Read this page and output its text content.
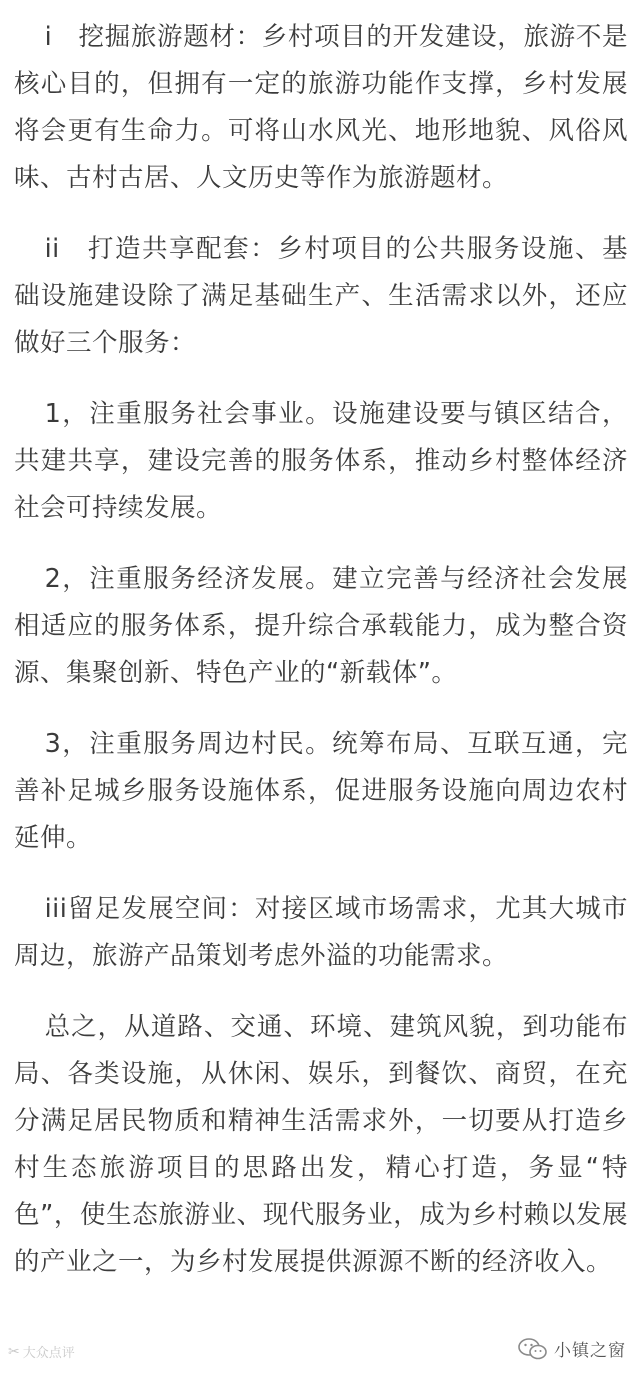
i　挖掘旅游题材：乡村项目的开发建设，旅游不是核心目的，但拥有一定的旅游功能作支撑，乡村发展将会更有生命力。可将山水风光、地形地貌、风俗风味、古村古居、人文历史等作为旅游题材。

ii　打造共享配套：乡村项目的公共服务设施、基础设施建设除了满足基础生产、生活需求以外，还应做好三个服务：

1，注重服务社会事业。设施建设要与镇区结合，共建共享，建设完善的服务体系，推动乡村整体经济社会可持续发展。

2，注重服务经济发展。建立完善与经济社会发展相适应的服务体系，提升综合承载能力，成为整合资源、集聚创新、特色产业的“新载体”。

3，注重服务周边村民。统筹布局、互联互通，完善补足城乡服务设施体系，促进服务设施向周边农村延伸。

iii留足发展空间：对接区域市场需求，尤其大城市周边，旅游产品策划考虑外溢的功能需求。

总之，从道路、交通、环境、建筑风貌，到功能布局、各类设施，从休闲、娱乐，到餐饮、商贸，在充分满足居民物质和精神生活需求外，一切要从打造乡村生态旅游项目的思路出发，精心打造，务显“特色”，使生态旅游业、现代服务业，成为乡村赖以发展的产业之一，为乡村发展提供源源不断的经济收入。

✂ 大众点评	小镇之窗
